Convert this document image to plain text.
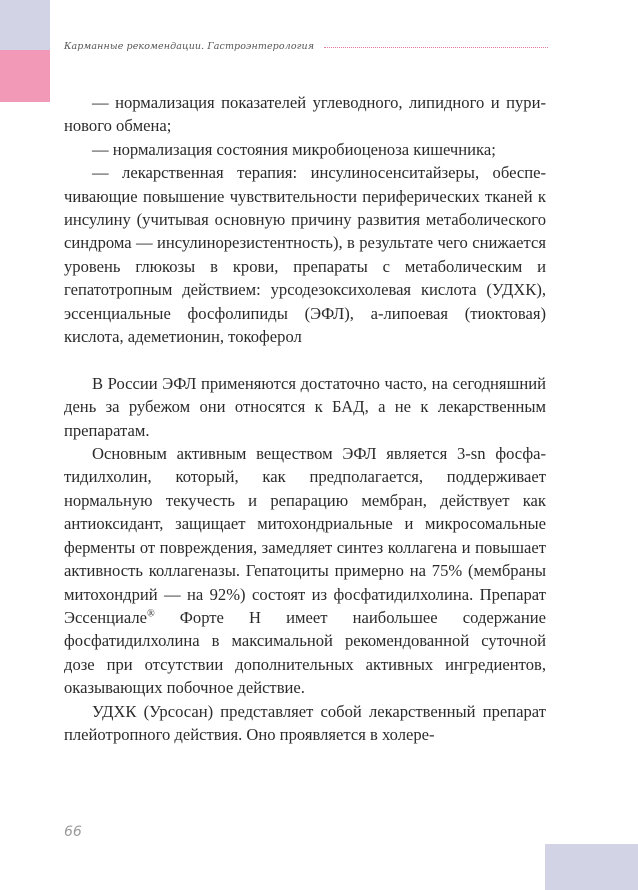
Карманные рекомендации. Гастроэнтерология

— нормализация показателей углеводного, липидного и пуринового обмена;

— нормализация состояния микробиоценоза кишечника;

— лекарственная терапия: инсулиносенситайзеры, обеспечивающие повышение чувствительности периферических тканей к инсулину (учитывая основную причину развития метаболического синдрома — инсулинорезистентность), в результате чего снижается уровень глюкозы в крови, препараты с метаболическим и гепатотропным действием: урсодезоксихолевая кислота (УДХК), эссенциальные фосфолипиды (ЭФЛ), a-липоевая (тиоктовая) кислота, адеметионин, токоферол

В России ЭФЛ применяются достаточно часто, на сегодняшний день за рубежом они относятся к БАД, а не к лекарственным препаратам.

Основным активным веществом ЭФЛ является 3-sn фосфатидилхолин, который, как предполагается, поддерживает нормальную текучесть и репарацию мембран, действует как антиоксидант, защищает митохондриальные и микросомальные ферменты от повреждения, замедляет синтез коллагена и повышает активность коллагеназы. Гепатоциты примерно на 75% (мембраны митохондрий — на 92%) состоят из фосфатидилхолина. Препарат Эссенциале® Форте Н имеет наибольшее содержание фосфатидилхолина в максимальной рекомендованной суточной дозе при отсутствии дополнительных активных ингредиентов, оказывающих побочное действие.

УДХК (Урсосан) представляет собой лекарственный препарат плейотропного действия. Оно проявляется в холере-

66
